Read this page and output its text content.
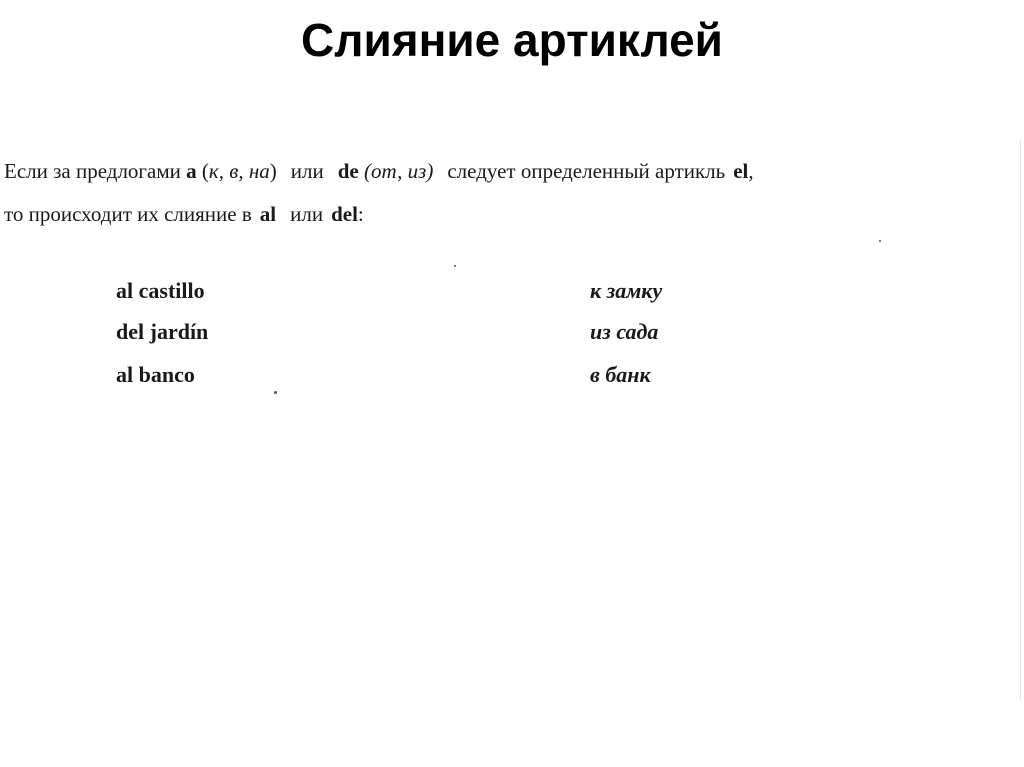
Слияние артиклей
Если за предлогами а (к, в, на) или de (от, из) следует определенный артикль el,
то происходит их слияние в al или del:
al castillo	к замку
del jardín	из сада
al banco	в банк
